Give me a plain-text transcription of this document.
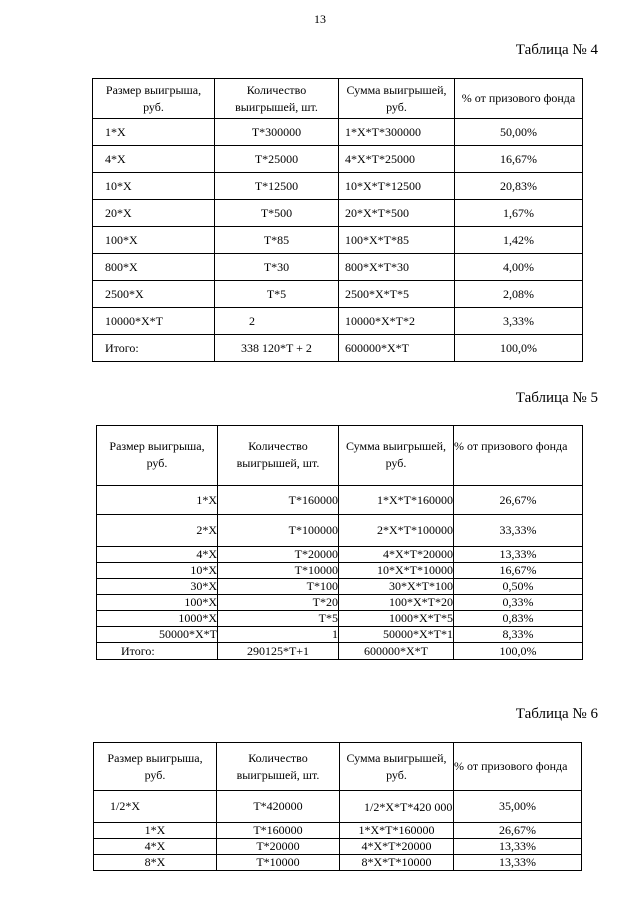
13
Таблица № 4
Размер выигрыша, руб.	Количество выигрышей, шт.	Сумма выигрышей, руб.	% от призового фонда
1*X	T*300000	1*X*T*300000	50,00%
4*X	T*25000	4*X*T*25000	16,67%
10*X	T*12500	10*X*T*12500	20,83%
20*X	T*500	20*X*T*500	1,67%
100*X	T*85	100*X*T*85	1,42%
800*X	T*30	800*X*T*30	4,00%
2500*X	T*5	2500*X*T*5	2,08%
10000*X*T	2	10000*X*T*2	3,33%
Итого:	338 120*T + 2	600000*X*T	100,0%
Таблица № 5
Размер выигрыша, руб.	Количество выигрышей, шт.	Сумма выигрышей, руб.	% от призового фонда
1*X	T*160000	1*X*T*160000	26,67%
2*X	T*100000	2*X*T*100000	33,33%
4*X	T*20000	4*X*T*20000	13,33%
10*X	T*10000	10*X*T*10000	16,67%
30*X	T*100	30*X*T*100	0,50%
100*X	T*20	100*X*T*20	0,33%
1000*X	T*5	1000*X*T*5	0,83%
50000*X*T	1	50000*X*T*1	8,33%
Итого:	290125*T+1	600000*X*T	100,0%
Таблица № 6
Размер выигрыша, руб.	Количество выигрышей, шт.	Сумма выигрышей, руб.	% от призового фонда
1/2*X	T*420000	1/2*X*T*420 000	35,00%
1*X	T*160000	1*X*T*160000	26,67%
4*X	T*20000	4*X*T*20000	13,33%
8*X	T*10000	8*X*T*10000	13,33%
